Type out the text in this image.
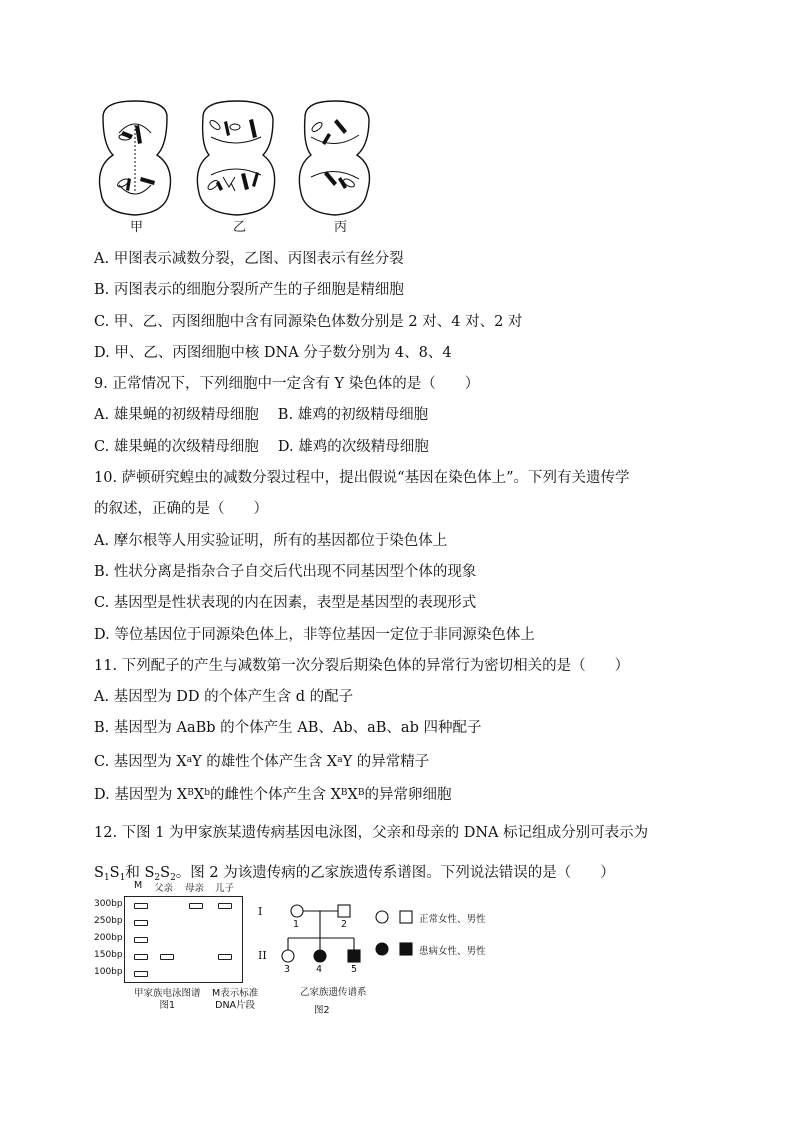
甲	乙	丙
A. 甲图表示减数分裂，乙图、丙图表示有丝分裂
B. 丙图表示的细胞分裂所产生的子细胞是精细胞
C. 甲、乙、丙图细胞中含有同源染色体数分别是 2 对、4 对、2 对
D. 甲、乙、丙图细胞中核 DNA 分子数分别为 4、8、4
9. 正常情况下，下列细胞中一定含有 Y 染色体的是（　　）
A. 雄果蝇的初级精母细胞　 B. 雄鸡的初级精母细胞
C. 雄果蝇的次级精母细胞　 D. 雄鸡的次级精母细胞
10. 萨顿研究蝗虫的减数分裂过程中，提出假说“基因在染色体上”。下列有关遗传学
的叙述，正确的是（　　）
A. 摩尔根等人用实验证明，所有的基因都位于染色体上
B. 性状分离是指杂合子自交后代出现不同基因型个体的现象
C. 基因型是性状表现的内在因素，表型是基因型的表现形式
D. 等位基因位于同源染色体上，非等位基因一定位于非同源染色体上
11. 下列配子的产生与减数第一次分裂后期染色体的异常行为密切相关的是（　　）
A. 基因型为 DD 的个体产生含 d 的配子
B. 基因型为 AaBb 的个体产生 AB、Ab、aB、ab 四种配子
C. 基因型为 $X^aY$ 的雄性个体产生含 $X^aY$ 的异常精子
D. 基因型为 $X^BX^b$的雌性个体产生含 $X^BX^B$的异常卵细胞
12. 下图 1 为甲家族某遗传病基因电泳图，父亲和母亲的 DNA 标记组成分别可表示为
$S_1S_1$和 $S_2S_2$。图 2 为该遗传病的乙家族遗传系谱图。下列说法错误的是（　　）
M 父亲 母亲 儿子
300bp
250bp
200bp
150bp
100bp
甲家族电泳图谱
图1
M表示标准
DNA片段
I
II
1	2
3	4	5
正常女性、男性
患病女性、男性
乙家族遗传谱系
图2
